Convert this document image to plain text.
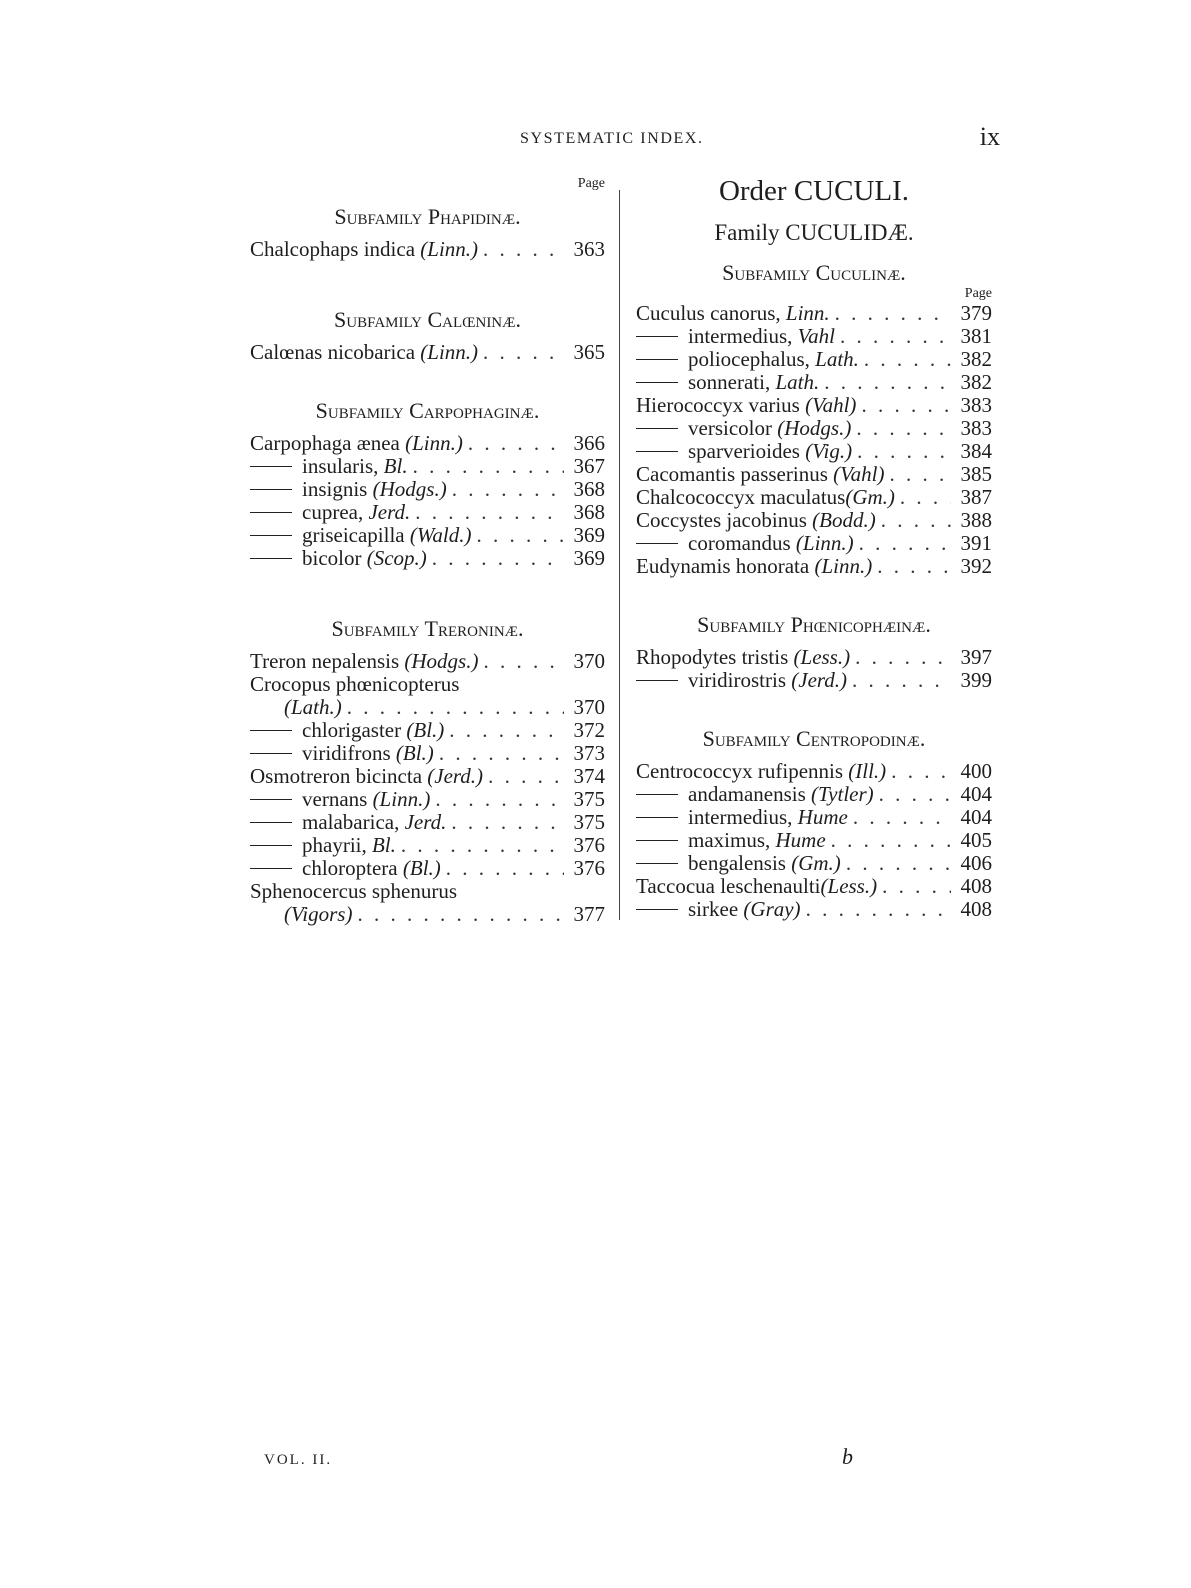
SYSTEMATIC INDEX.	ix
Page
Subfamily Phapidinæ.
Chalcophaps indica (Linn.) . . .	363
Subfamily Calœninæ.
Calœnas nicobarica (Linn.) . . .	365
Subfamily Carpophaginæ.
Carpophaga ænea (Linn.) . . .	366
insularis, Bl. . . .	367
insignis (Hodgs.) . . .	368
cuprea, Jerd. . . .	368
griseicapilla (Wald.) . . .	369
bicolor (Scop.) . . .	369
Subfamily Treroninæ.
Treron nepalensis (Hodgs.) . . .	370
Crocopus phœnicopterus
(Lath.) . . .	370
chlorigaster (Bl.) . . .	372
viridifrons (Bl.) . . .	373
Osmotreron bicincta (Jerd.) . . .	374
vernans (Linn.) . . .	375
malabarica, Jerd. . . .	375
phayrii, Bl. . . .	376
chloroptera (Bl.) . . .	376
Sphenocercus sphenurus
(Vigors) . . .	377
Order CUCULI.
Family CUCULIDÆ.
Subfamily Cuculinæ.
Page
Cuculus canorus, Linn. . . .	379
intermedius, Vahl . . .	381
poliocephalus, Lath. . . .	382
sonnerati, Lath. . . .	382
Hierococcyx varius (Vahl) . . .	383
versicolor (Hodgs.) . . .	383
sparverioides (Vig.) . . .	384
Cacomantis passerinus (Vahl) . . .	385
Chalcococcyx maculatus(Gm.) . . .	387
Coccystes jacobinus (Bodd.) . . .	388
coromandus (Linn.) . . .	391
Eudynamis honorata (Linn.) . . .	392
Subfamily Phœnicophæinæ.
Rhopodytes tristis (Less.) . . .	397
viridirostris (Jerd.) . . .	399
Subfamily Centropodinæ.
Centrococcyx rufipennis (Ill.) . . .	400
andamanensis (Tytler) . . .	404
intermedius, Hume . . .	404
maximus, Hume . . .	405
bengalensis (Gm.) . . .	406
Taccocua leschenaulti(Less.) . . .	408
sirkee (Gray) . . .	408
VOL. II.	b
